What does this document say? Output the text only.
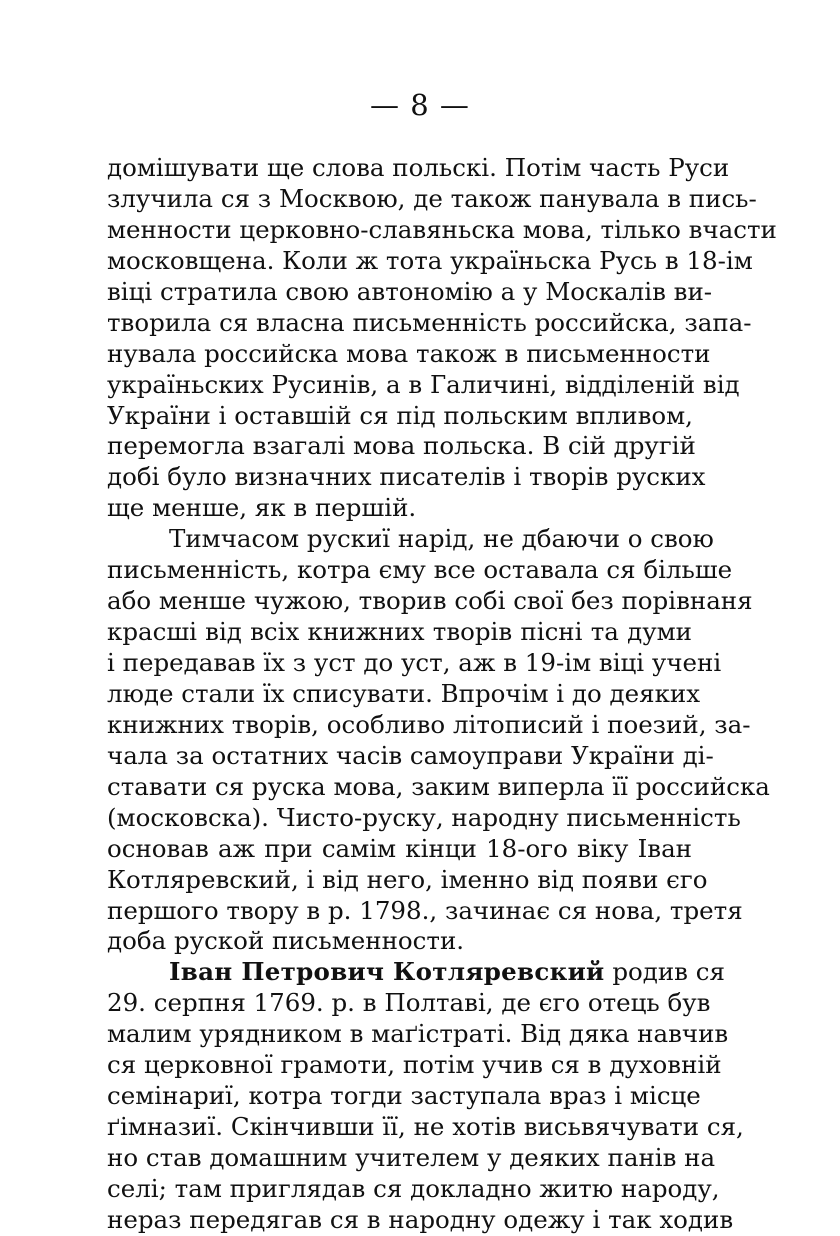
— 8 —
домішувати ще слова польскі. Потім часть Руси
злучила ся з Москвою, де також панувала в пись-
менности церковно-славяньска мова, тілько вчасти
московщена. Коли ж тота україньска Русь в 18-ім
віці стратила свою автономію а у Москалів ви-
творила ся власна письменність российска, запа-
нувала российска мова також в письменности
україньских Русинів, а в Галичині, відділеній від
України і оставшій ся під польским впливом,
перемогла взагалі мова польска. В сій другій
добі було визначних писателів і творів руских
ще менше, як в першій.
Тимчасом рускиї нарід, не дбаючи о свою
письменність, котра єму все оставала ся більше
або менше чужою, творив собі свої без порівнаня
красші від всіх книжних творів пісні та думи
і передавав їх з уст до уст, аж в 19-ім віці учені
люде стали їх списувати. Впрочім і до деяких
книжних творів, особливо літописий і поезий, за-
чала за остатних часів самоуправи України ді-
ставати ся руска мова, заким виперла її российска
(московска). Чисто-руску, народну письменність
основав аж при самім кінци 18-ого віку Іван
Котляревский, і від него, іменно від появи єго
першого твору в р. 1798., зачинає ся нова, третя
доба руской письменности.
Іван Петрович Котляревский родив ся
29. серпня 1769. р. в Полтаві, де єго отець був
малим урядником в маґістраті. Від дяка навчив
ся церковної грамоти, потім учив ся в духовній
семінариї, котра тогди заступала враз і місце
ґімназиї. Скінчивши її, не хотів висьвячувати ся,
но став домашним учителем у деяких панів на
селі; там приглядав ся докладно житю народу,
нераз передягав ся в народну одежу і так ходив
